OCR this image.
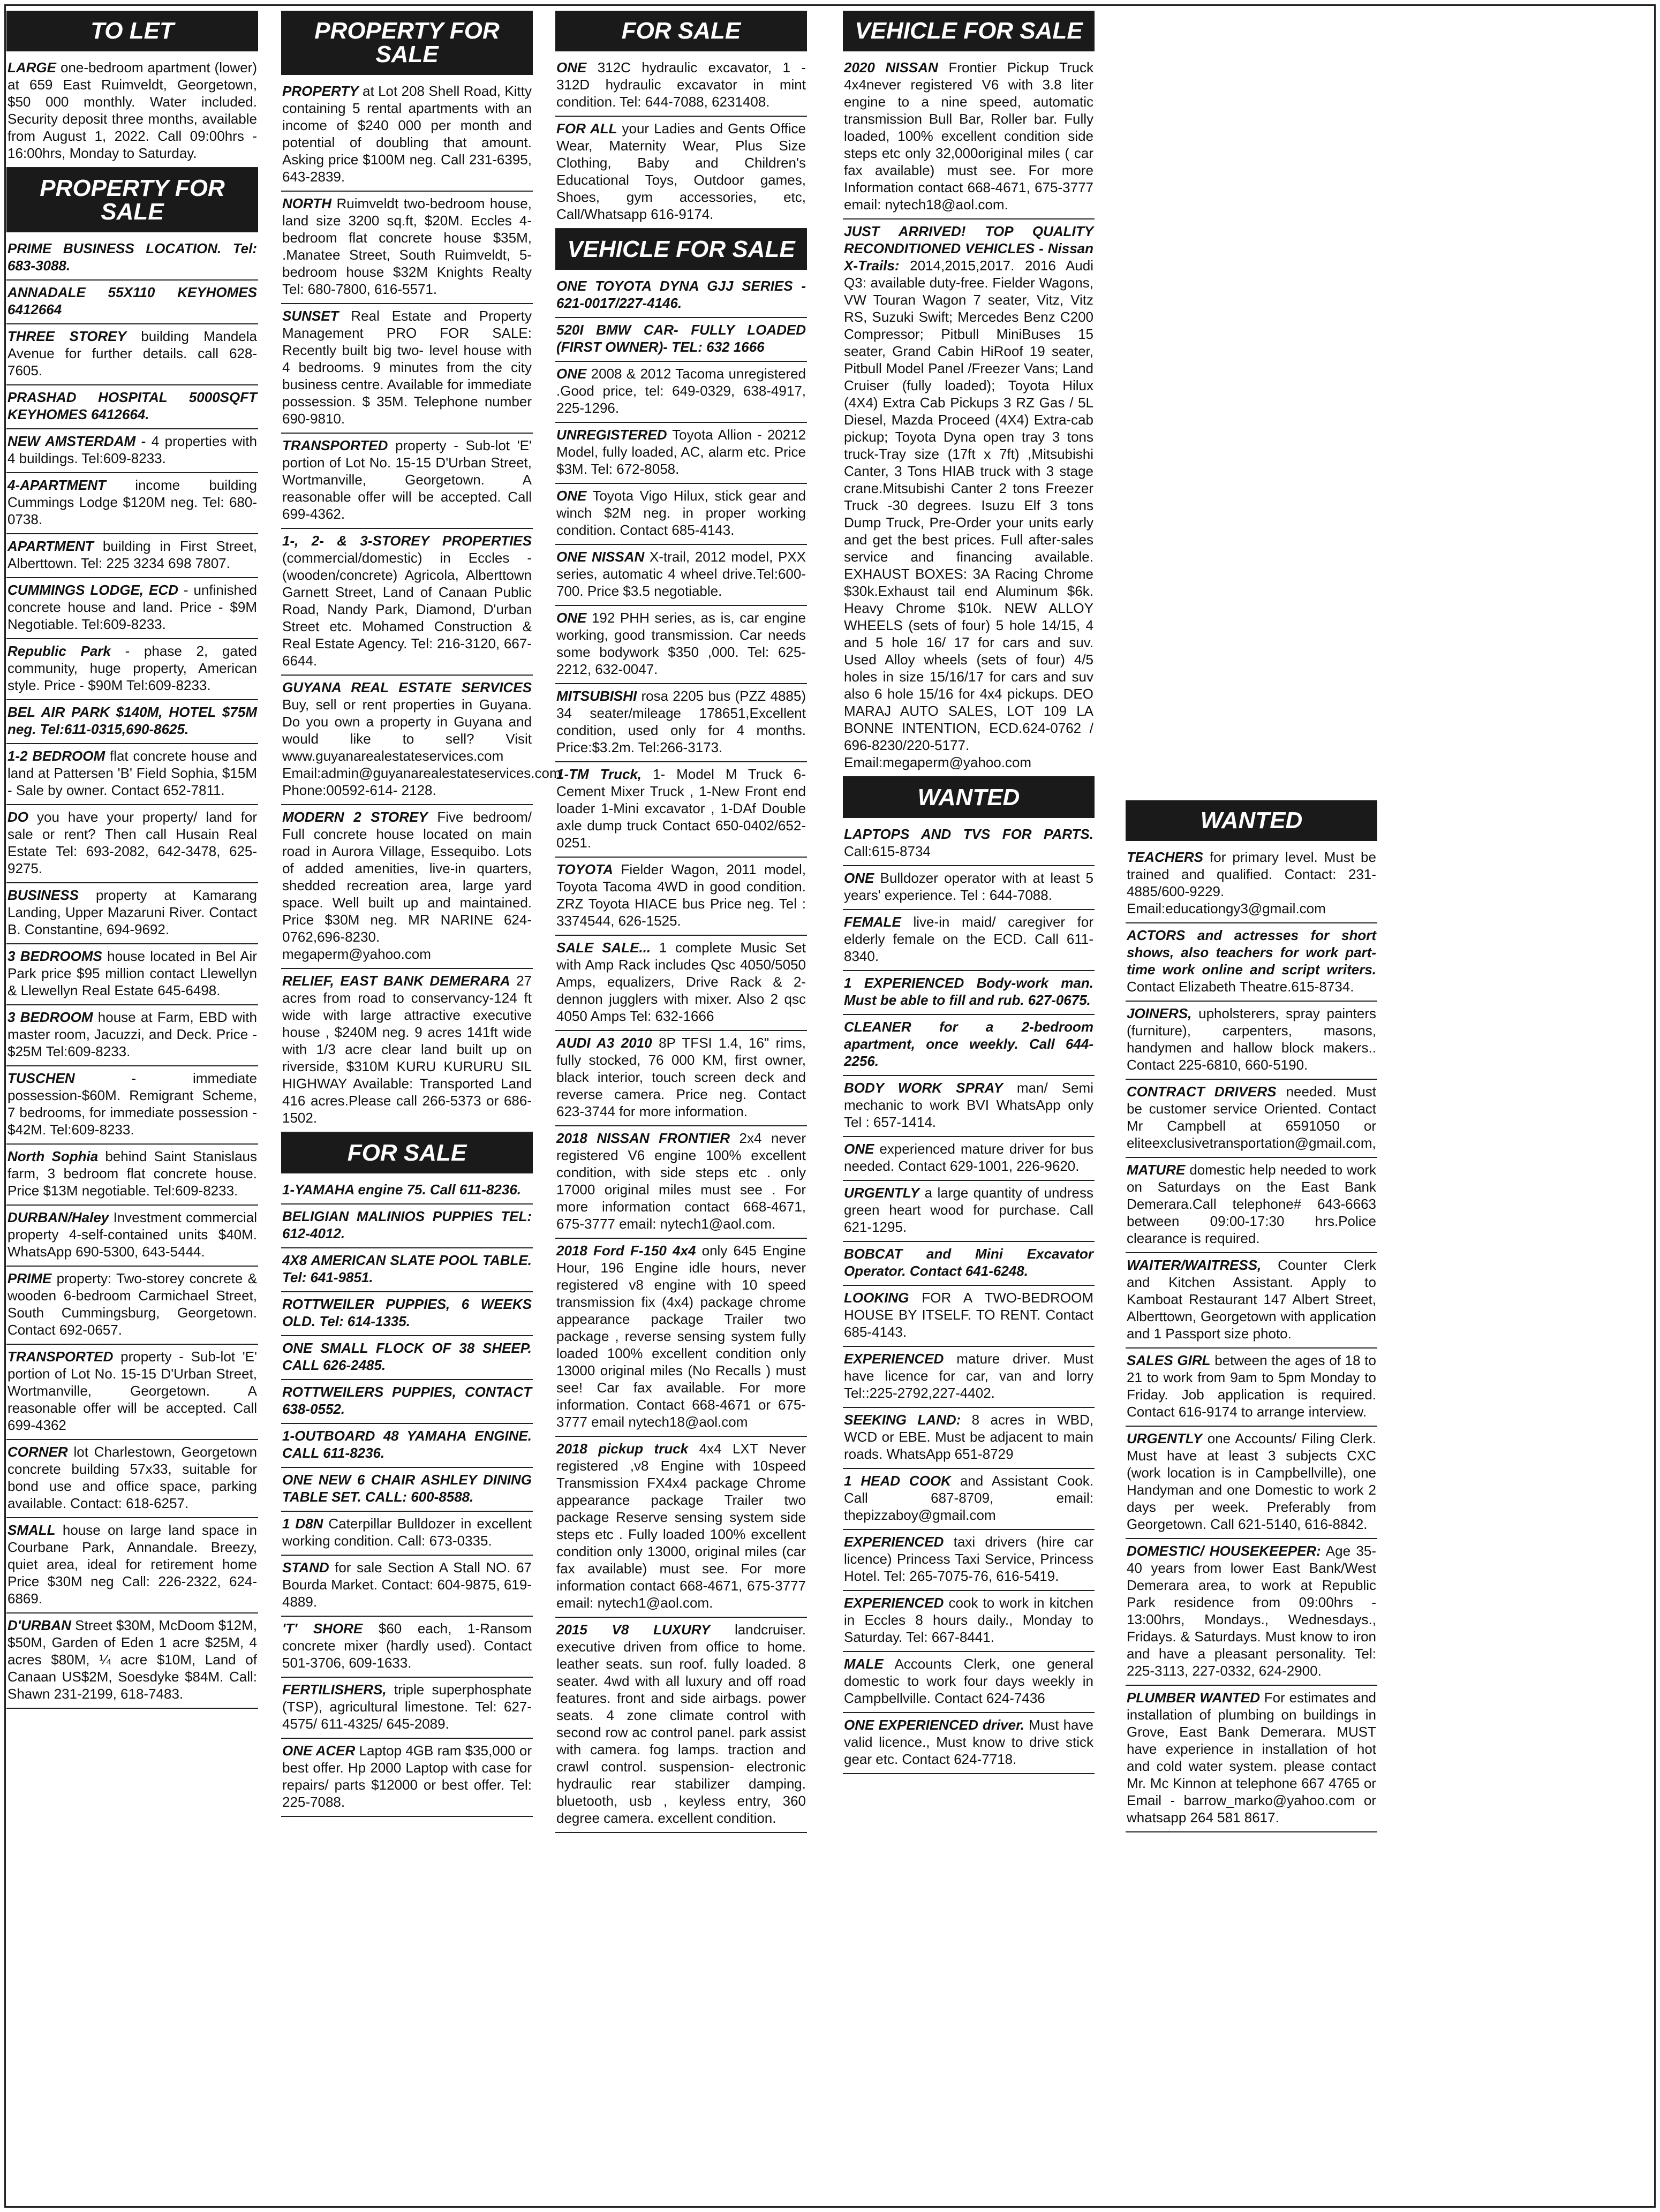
TO LET

LARGE one-bedroom apartment (lower) at 659 East Ruimveldt, Georgetown, $50 000 monthly. Water included. Security deposit three months, available from August 1, 2022. Call 09:00hrs - 16:00hrs, Monday to Saturday.

PROPERTY FOR SALE

PRIME BUSINESS LOCATION. Tel: 683-3088.

ANNADALE 55X110 KEYHOMES 6412664

THREE STOREY building Mandela Avenue for further details. call 628-7605.

PRASHAD HOSPITAL 5000SQFT KEYHOMES 6412664.

NEW AMSTERDAM - 4 properties with 4 buildings. Tel:609-8233.

4-APARTMENT income building Cummings Lodge $120M neg. Tel: 680-0738.

APARTMENT building in First Street, Alberttown. Tel: 225 3234 698 7807.

CUMMINGS LODGE, ECD - unfinished concrete house and land. Price - $9M Negotiable. Tel:609-8233.

Republic Park - phase 2, gated community, huge property, American style. Price - $90M Tel:609-8233.

BEL AIR PARK $140M, HOTEL $75M neg. Tel:611-0315,690-8625.

1-2 BEDROOM flat concrete house and land at Pattersen 'B' Field Sophia, $15M - Sale by owner. Contact 652-7811.

DO you have your property/ land for sale or rent? Then call Husain Real Estate Tel: 693-2082, 642-3478, 625-9275.

BUSINESS property at Kamarang Landing, Upper Mazaruni River. Contact B. Constantine, 694-9692.

3 BEDROOMS house located in Bel Air Park price $95 million contact Llewellyn & Llewellyn Real Estate 645-6498.

3 BEDROOM house at Farm, EBD with master room, Jacuzzi, and Deck. Price - $25M Tel:609-8233.

TUSCHEN	- immediate possession-$60M. Remigrant Scheme, 7 bedrooms, for immediate possession - $42M. Tel:609-8233.

North Sophia behind Saint Stanislaus farm, 3 bedroom flat concrete house. Price $13M negotiable. Tel:609-8233.

DURBAN/Haley Investment commercial property 4-self-contained units $40M. WhatsApp 690-5300, 643-5444.

PRIME property: Two-storey concrete & wooden 6-bedroom Carmichael Street, South Cummingsburg, Georgetown. Contact 692-0657.

TRANSPORTED property - Sub-lot 'E' portion of Lot No. 15-15 D'Urban Street, Wortmanville, Georgetown. A reasonable offer will be accepted. Call 699-4362

CORNER lot Charlestown, Georgetown concrete building 57x33, suitable for bond use and office space, parking available. Contact: 618-6257.

SMALL house on large land space in Courbane Park, Annandale. Breezy, quiet area, ideal for retirement home Price $30M neg Call: 226-2322, 624-6869.

D'URBAN Street $30M, McDoom $12M, $50M, Garden of Eden 1 acre $25M, 4 acres $80M, ¼ acre $10M, Land of Canaan US$2M, Soesdyke $84M. Call: Shawn 231-2199, 618-7483.

PROPERTY FOR SALE

PROPERTY at Lot 208 Shell Road, Kitty containing 5 rental apartments with an income of $240 000 per month and potential of doubling that amount. Asking price $100M neg. Call 231-6395, 643-2839.

NORTH Ruimveldt two-bedroom house, land size 3200 sq.ft, $20M. Eccles 4-bedroom flat concrete house $35M, .Manatee Street, South Ruimveldt, 5-bedroom house $32M Knights Realty Tel: 680-7800, 616-5571.

SUNSET Real Estate and Property Management PRO FOR SALE: Recently built big two- level house with 4 bedrooms. 9 minutes from the city business centre. Available for immediate possession. $ 35M. Telephone number 690-9810.

TRANSPORTED property - Sub-lot 'E' portion of Lot No. 15-15 D'Urban Street, Wortmanville, Georgetown. A reasonable offer will be accepted. Call 699-4362.

1-, 2- & 3-STOREY PROPERTIES (commercial/domestic) in Eccles - (wooden/concrete) Agricola, Alberttown Garnett Street, Land of Canaan Public Road, Nandy Park, Diamond, D'urban Street etc. Mohamed Construction & Real Estate Agency. Tel: 216-3120, 667-6644.

GUYANA REAL ESTATE SERVICES Buy, sell or rent properties in Guyana. Do you own a property in Guyana and would like to sell? Visit www.guyanarealestateservices.com Email:admin@guyanarealestateservices.com Phone:00592-614- 2128.

MODERN 2 STOREY Five bedroom/ Full concrete house located on main road in Aurora Village, Essequibo. Lots of added amenities, live-in quarters, shedded recreation area, large yard space. Well built up and maintained. Price $30M neg. MR NARINE 624-0762,696-8230. megaperm@yahoo.com

RELIEF, EAST BANK DEMERARA 27 acres from road to conservancy-124 ft wide with large attractive executive house , $240M neg. 9 acres 141ft wide with 1/3 acre clear land built up on riverside, $310M KURU KURURU SIL HIGHWAY Available: Transported Land 416 acres.Please call 266-5373 or 686-1502.

FOR SALE

1-YAMAHA engine 75. Call 611-8236.

BELIGIAN MALINIOS PUPPIES TEL: 612-4012.

4X8 AMERICAN SLATE POOL TABLE. Tel: 641-9851.

ROTTWEILER PUPPIES, 6 WEEKS OLD. Tel: 614-1335.

ONE SMALL FLOCK OF 38 SHEEP. CALL 626-2485.

ROTTWEILERS PUPPIES, CONTACT 638-0552.

1-OUTBOARD 48 YAMAHA ENGINE. CALL 611-8236.

ONE NEW 6 CHAIR ASHLEY DINING TABLE SET. CALL: 600-8588.

1 D8N Caterpillar Bulldozer in excellent working condition. Call: 673-0335.

STAND for sale Section A Stall NO. 67 Bourda Market. Contact: 604-9875, 619-4889.

'T' SHORE $60 each, 1-Ransom concrete mixer (hardly used). Contact 501-3706, 609-1633.

FERTILISHERS, triple superphosphate (TSP), agricultural limestone. Tel: 627-4575/ 611-4325/ 645-2089.

ONE ACER Laptop 4GB ram $35,000 or best offer. Hp 2000 Laptop with case for repairs/ parts $12000 or best offer. Tel: 225-7088.

FOR SALE

ONE 312C hydraulic excavator, 1 - 312D hydraulic excavator in mint condition. Tel: 644-7088, 6231408.

FOR ALL your Ladies and Gents Office Wear, Maternity Wear, Plus Size Clothing, Baby and Children's Educational Toys, Outdoor games, Shoes, gym accessories, etc, Call/Whatsapp 616-9174.

VEHICLE FOR SALE

ONE TOYOTA DYNA GJJ SERIES - 621-0017/227-4146.

520I BMW CAR- FULLY LOADED (FIRST OWNER)- TEL: 632 1666

ONE 2008 & 2012 Tacoma unregistered .Good price, tel: 649-0329, 638-4917, 225-1296.

UNREGISTERED Toyota Allion - 20212 Model, fully loaded, AC, alarm etc. Price $3M. Tel: 672-8058.

ONE Toyota Vigo Hilux, stick gear and winch $2M neg. in proper working condition. Contact 685-4143.

ONE NISSAN X-trail, 2012 model, PXX series, automatic 4 wheel drive.Tel:600-700. Price $3.5 negotiable.

ONE 192 PHH series, as is, car engine working, good transmission. Car needs some bodywork $350 ,000. Tel: 625-2212, 632-0047.

MITSUBISHI rosa 2205 bus (PZZ 4885) 34 seater/mileage 178651,Excellent condition, used only for 4 months. Price:$3.2m. Tel:266-3173.

1-TM Truck, 1- Model M Truck 6-Cement Mixer Truck , 1-New Front end loader 1-Mini excavator , 1-DAf Double axle dump truck Contact 650-0402/652-0251.

TOYOTA Fielder Wagon, 2011 model, Toyota Tacoma 4WD in good condition. ZRZ Toyota HIACE bus Price neg. Tel : 3374544, 626-1525.

SALE SALE... 1 complete Music Set with Amp Rack includes Qsc 4050/5050 Amps, equalizers, Drive Rack & 2- dennon jugglers with mixer. Also 2 qsc 4050 Amps Tel: 632-1666

AUDI A3 2010 8P TFSI 1.4, 16" rims, fully stocked, 76 000 KM, first owner, black interior, touch screen deck and reverse camera. Price neg. Contact 623-3744 for more information.

2018 NISSAN FRONTIER 2x4 never registered V6 engine 100% excellent condition, with side steps etc . only 17000 original miles must see . For more information contact 668-4671, 675-3777 email: nytech1@aol.com.

2018 Ford F-150 4x4 only 645 Engine Hour, 196 Engine idle hours, never registered v8 engine with 10 speed transmission fix (4x4) package chrome appearance package Trailer two package , reverse sensing system fully loaded 100% excellent condition only 13000 original miles (No Recalls ) must see! Car fax available. For more information. Contact 668-4671 or 675-3777 email nytech18@aol.com

2018 pickup truck 4x4 LXT Never registered ,v8 Engine with 10speed Transmission FX4x4 package Chrome appearance package Trailer two package Reserve sensing system side steps etc . Fully loaded 100% excellent condition only 13000, original miles (car fax available) must see. For more information contact 668-4671, 675-3777 email: nytech1@aol.com.

2015 V8 LUXURY landcruiser. executive driven from office to home. leather seats. sun roof. fully loaded. 8 seater. 4wd with all luxury and off road features. front and side airbags. power seats. 4 zone climate control with second row ac control panel. park assist with camera. fog lamps. traction and crawl control. suspension- electronic hydraulic rear stabilizer damping. bluetooth, usb , keyless entry, 360 degree camera. excellent condition.

VEHICLE FOR SALE

2020 NISSAN Frontier Pickup Truck 4x4never registered V6 with 3.8 liter engine to a nine speed, automatic transmission Bull Bar, Roller bar. Fully loaded, 100% excellent condition side steps etc only 32,000original miles ( car fax available) must see. For more Information contact 668-4671, 675-3777 email: nytech18@aol.com.

JUST ARRIVED! TOP QUALITY RECONDITIONED VEHICLES - Nissan X-Trails: 2014,2015,2017. 2016 Audi Q3: available duty-free. Fielder Wagons, VW Touran Wagon 7 seater, Vitz, Vitz RS, Suzuki Swift; Mercedes Benz C200 Compressor; Pitbull MiniBuses 15 seater, Grand Cabin HiRoof 19 seater, Pitbull Model Panel /Freezer Vans; Land Cruiser (fully loaded); Toyota Hilux (4X4) Extra Cab Pickups 3 RZ Gas / 5L Diesel, Mazda Proceed (4X4) Extra-cab pickup; Toyota Dyna open tray 3 tons truck-Tray size (17ft x 7ft) ,Mitsubishi Canter, 3 Tons HIAB truck with 3 stage crane.Mitsubishi Canter 2 tons Freezer Truck -30 degrees. Isuzu Elf 3 tons Dump Truck, Pre-Order your units early and get the best prices. Full after-sales service and financing available. EXHAUST BOXES: 3A Racing Chrome $30k.Exhaust tail end Aluminum $6k. Heavy Chrome $10k. NEW ALLOY WHEELS (sets of four) 5 hole 14/15, 4 and 5 hole 16/ 17 for cars and suv. Used Alloy wheels (sets of four) 4/5 holes in size 15/16/17 for cars and suv also 6 hole 15/16 for 4x4 pickups. DEO MARAJ AUTO SALES, LOT 109 LA BONNE INTENTION, ECD.624-0762 / 696-8230/220-5177. Email:megaperm@yahoo.com

WANTED

LAPTOPS AND TVS FOR PARTS. Call:615-8734

ONE Bulldozer operator with at least 5 years' experience. Tel : 644-7088.

FEMALE live-in maid/ caregiver for elderly female on the ECD. Call 611-8340.

1 EXPERIENCED Body-work man. Must be able to fill and rub. 627-0675.

CLEANER for a 2-bedroom apartment, once weekly. Call 644-2256.

BODY WORK SPRAY man/ Semi mechanic to work BVI WhatsApp only Tel : 657-1414.

ONE experienced mature driver for bus needed. Contact 629-1001, 226-9620.

URGENTLY a large quantity of undress green heart wood for purchase. Call 621-1295.

BOBCAT and Mini Excavator Operator. Contact 641-6248.

LOOKING FOR A TWO-BEDROOM HOUSE BY ITSELF. TO RENT. Contact 685-4143.

EXPERIENCED mature driver. Must have licence for car, van and lorry Tel::225-2792,227-4402.

SEEKING LAND: 8 acres in WBD, WCD or EBE. Must be adjacent to main roads. WhatsApp 651-8729

1 HEAD COOK and Assistant Cook. Call 687-8709, email: thepizzaboy@gmail.com

EXPERIENCED taxi drivers (hire car licence) Princess Taxi Service, Princess Hotel. Tel: 265-7075-76, 616-5419.

EXPERIENCED cook to work in kitchen in Eccles 8 hours daily., Monday to Saturday. Tel: 667-8441.

MALE Accounts Clerk, one general domestic to work four days weekly in Campbellville. Contact 624-7436

ONE EXPERIENCED driver. Must have valid licence., Must know to drive stick gear etc. Contact 624-7718.

WANTED

TEACHERS for primary level. Must be trained and qualified. Contact: 231-4885/600-9229. Email:educationgy3@gmail.com

ACTORS and actresses for short shows, also teachers for work part-time work online and script writers. Contact Elizabeth Theatre.615-8734.

JOINERS, upholsterers, spray painters (furniture), carpenters, masons, handymen and hallow block makers.. Contact 225-6810, 660-5190.

CONTRACT DRIVERS needed. Must be customer service Oriented. Contact Mr Campbell at 6591050 or eliteexclusivetransportation@gmail.com,

MATURE domestic help needed to work on Saturdays on the East Bank Demerara.Call telephone# 643-6663 between 09:00-17:30 hrs.Police clearance is required.

WAITER/WAITRESS, Counter Clerk and Kitchen Assistant. Apply to Kamboat Restaurant 147 Albert Street, Alberttown, Georgetown with application and 1 Passport size photo.

SALES GIRL between the ages of 18 to 21 to work from 9am to 5pm Monday to Friday. Job application is required. Contact 616-9174 to arrange interview.

URGENTLY one Accounts/ Filing Clerk. Must have at least 3 subjects CXC (work location is in Campbellville), one Handyman and one Domestic to work 2 days per week. Preferably from Georgetown. Call 621-5140, 616-8842.

DOMESTIC/ HOUSEKEEPER: Age 35-40 years from lower East Bank/West Demerara area, to work at Republic Park residence from 09:00hrs - 13:00hrs, Mondays., Wednesdays., Fridays. & Saturdays. Must know to iron and have a pleasant personality. Tel: 225-3113, 227-0332, 624-2900.

PLUMBER WANTED For estimates and installation of plumbing on buildings in Grove, East Bank Demerara. MUST have experience in installation of hot and cold water system. please contact Mr. Mc Kinnon at telephone 667 4765 or Email - barrow_marko@yahoo.com or whatsapp 264 581 8617.
